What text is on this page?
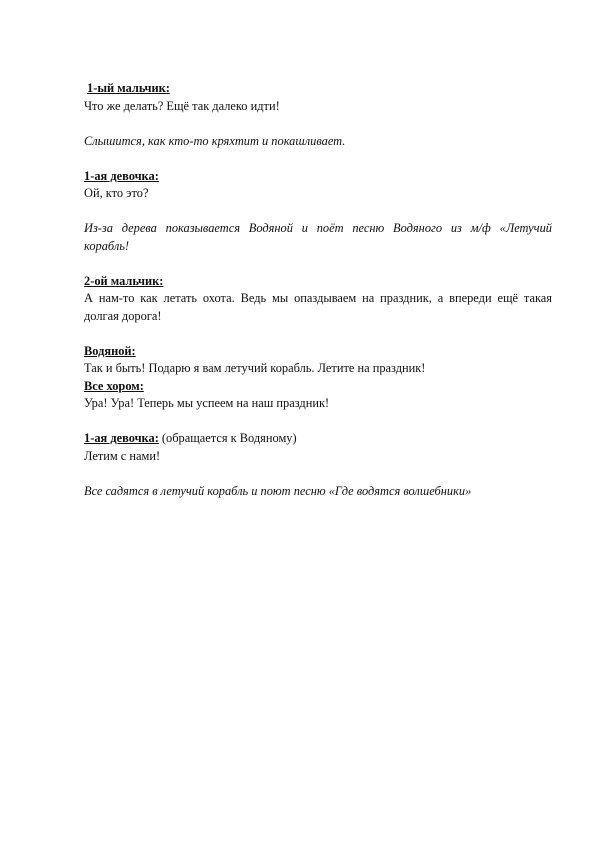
1-ый мальчик:

Что же делать? Ещё так далеко идти!

Слышится, как кто-то кряхтит и покашливает.

1-ая девочка:

Ой, кто это?

Из-за дерева показывается Водяной и поёт песню Водяного из м/ф «Летучий корабль!

2-ой мальчик:

А нам-то как летать охота. Ведь мы опаздываем на праздник, а впереди ещё такая долгая дорога!

Водяной:

Так и быть! Подарю я вам летучий корабль. Летите на праздник!

Все хором:

Ура! Ура! Теперь мы успеем на наш праздник!

1-ая девочка: (обращается к Водяному)

Летим с нами!

Все садятся в летучий корабль и поют песню «Где водятся волшебники»
